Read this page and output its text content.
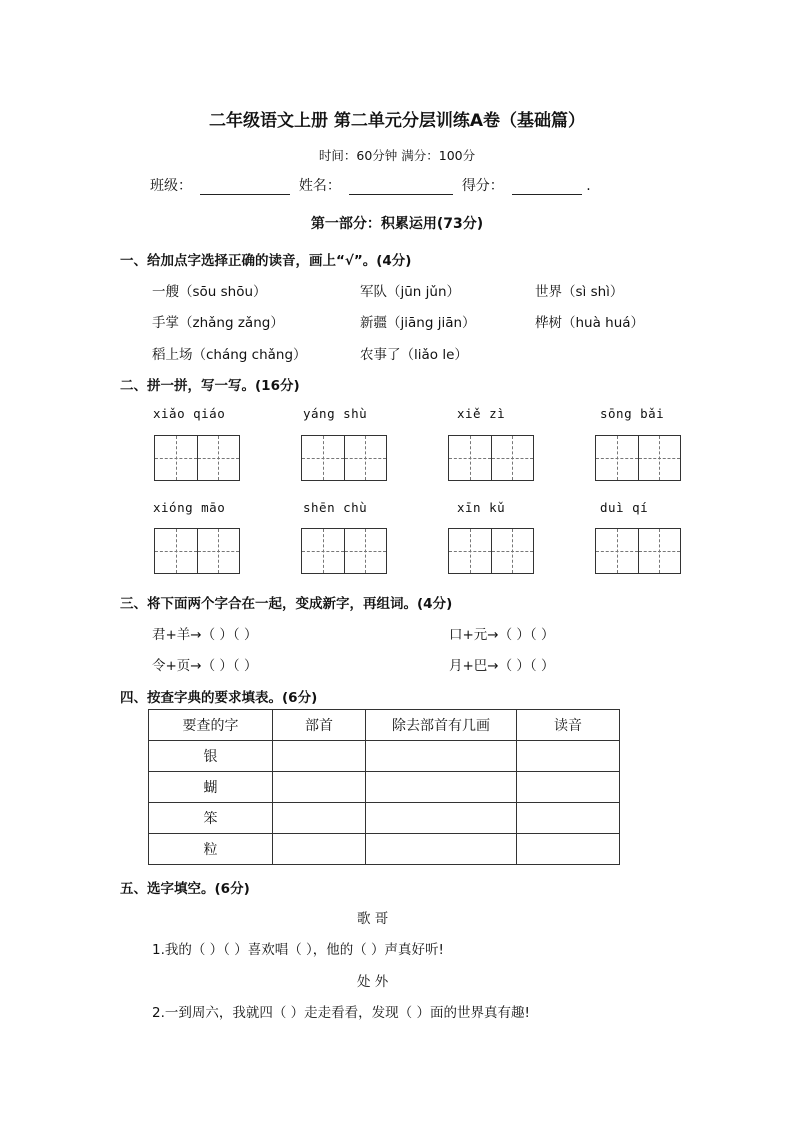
二年级语文上册 第二单元分层训练A卷（基础篇）
时间：60分钟 满分：100分
班级：	姓名：	得分：	.
第一部分：积累运用(73分)
一、给加点字选择正确的读音，画上“√”。(4分)
一艘（sōu shōu）	军队（jūn jǔn）	世界（sì shì）
手掌（zhǎng zǎng）	新疆（jiāng jiān）	桦树（huà huá）
稻上场（cháng chǎng）	农事了（liǎo le）
二、拼一拼，写一写。(16分)
xiǎo qiáo	yáng shù	xiě zì	sōng bǎi
xióng māo	shēn chù	xīn kǔ	duì qí
三、将下面两个字合在一起，变成新字，再组词。(4分)
君+羊→（ ）（ ）	口+元→（ ）（ ）
令+页→（ ）（ ）	月+巴→（ ）（ ）
四、按查字典的要求填表。(6分)
要查的字	部首	除去部首有几画	读音
银			
蝴			
笨			
粒			
五、选字填空。(6分)
歌 哥
1.我的（ ）（ ）喜欢唱（ ），他的（ ）声真好听!
处 外
2.一到周六，我就四（ ）走走看看，发现（ ）面的世界真有趣!
